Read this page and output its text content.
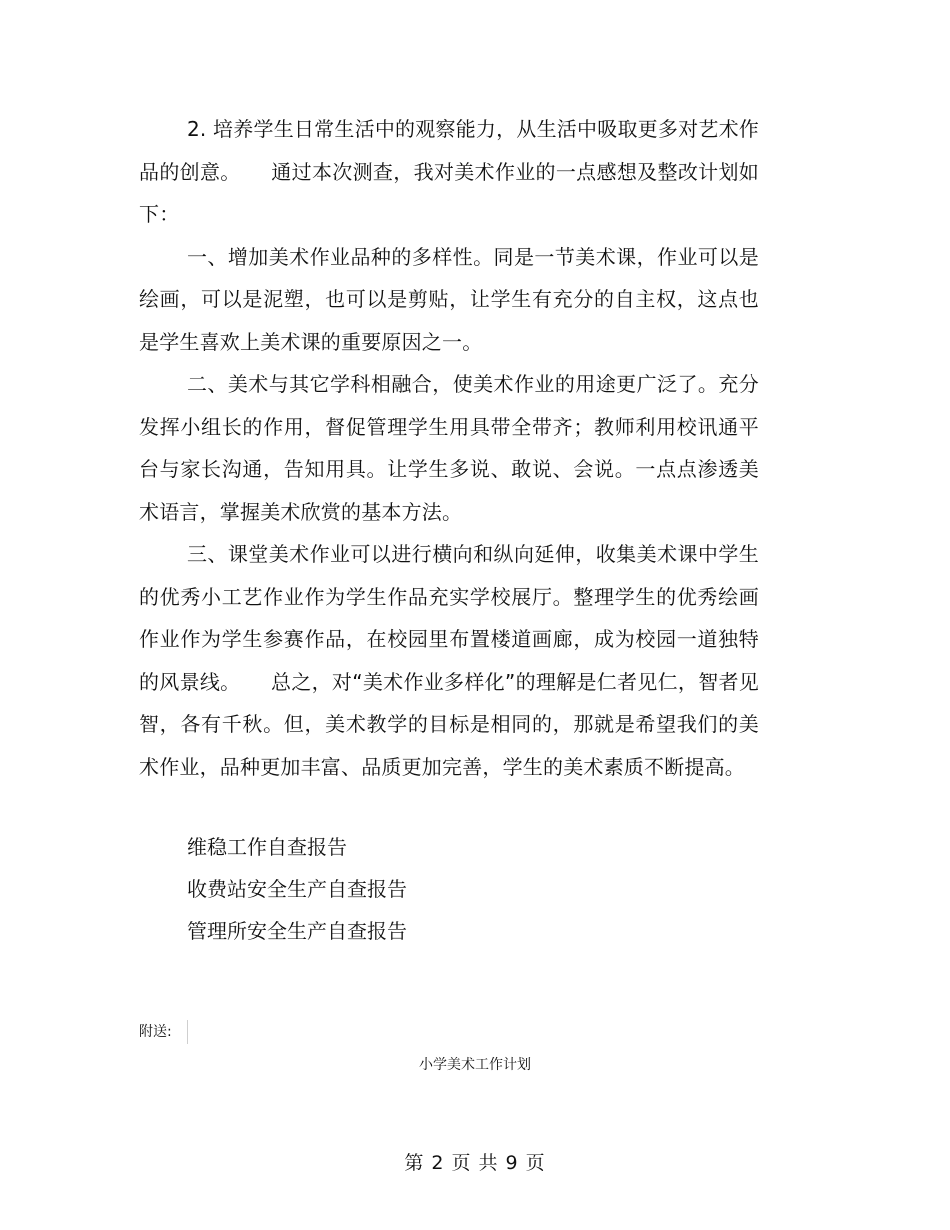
2. 培养学生日常生活中的观察能力，从生活中吸取更多对艺术作品的创意。　　通过本次测查，我对美术作业的一点感想及整改计划如下：

一、增加美术作业品种的多样性。同是一节美术课，作业可以是绘画，可以是泥塑，也可以是剪贴，让学生有充分的自主权，这点也是学生喜欢上美术课的重要原因之一。

二、美术与其它学科相融合，使美术作业的用途更广泛了。充分发挥小组长的作用，督促管理学生用具带全带齐；教师利用校讯通平台与家长沟通，告知用具。让学生多说、敢说、会说。一点点渗透美术语言，掌握美术欣赏的基本方法。

三、课堂美术作业可以进行横向和纵向延伸，收集美术课中学生的优秀小工艺作业作为学生作品充实学校展厅。整理学生的优秀绘画作业作为学生参赛作品，在校园里布置楼道画廊，成为校园一道独特的风景线。　　总之，对“美术作业多样化”的理解是仁者见仁，智者见智，各有千秋。但，美术教学的目标是相同的，那就是希望我们的美术作业，品种更加丰富、品质更加完善，学生的美术素质不断提高。

维稳工作自查报告
收费站安全生产自查报告
管理所安全生产自查报告
附送:
小学美术工作计划
第 2 页 共 9 页
